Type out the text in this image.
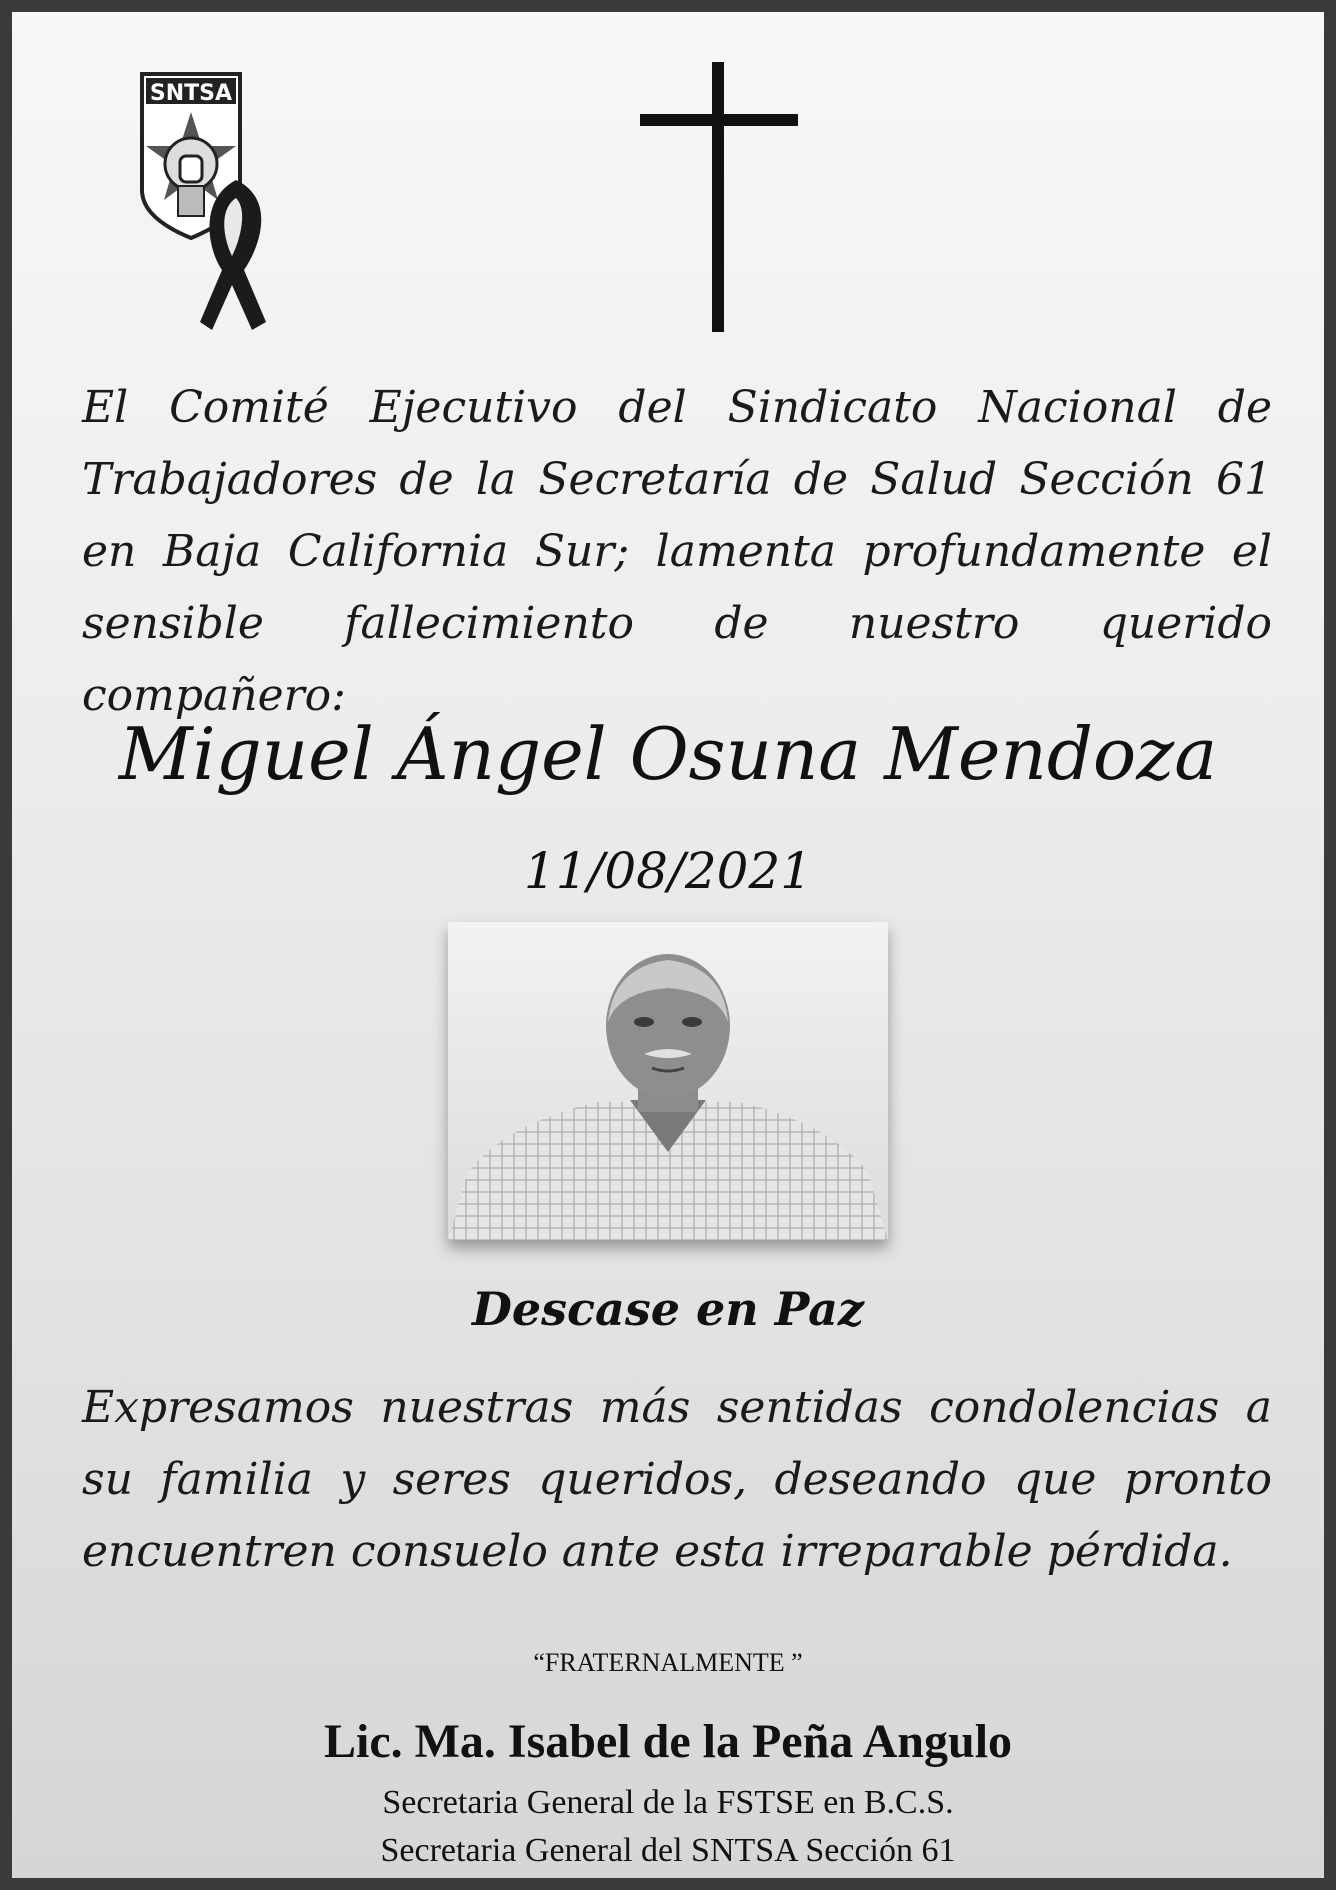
SNTSA
El Comité Ejecutivo del Sindicato Nacional de Trabajadores de la Secretaría de Salud Sección 61 en Baja California Sur; lamenta profundamente el sensible fallecimiento de nuestro querido compañero:
Miguel Ángel Osuna Mendoza
11/08/2021
Descase en Paz
Expresamos nuestras más sentidas condolencias a su familia y seres queridos, deseando que pronto encuentren consuelo ante esta irreparable pérdida.
“FRATERNALMENTE ”
Lic. Ma. Isabel de la Peña Angulo
Secretaria General de la FSTSE en B.C.S.
Secretaria General del SNTSA Sección 61
